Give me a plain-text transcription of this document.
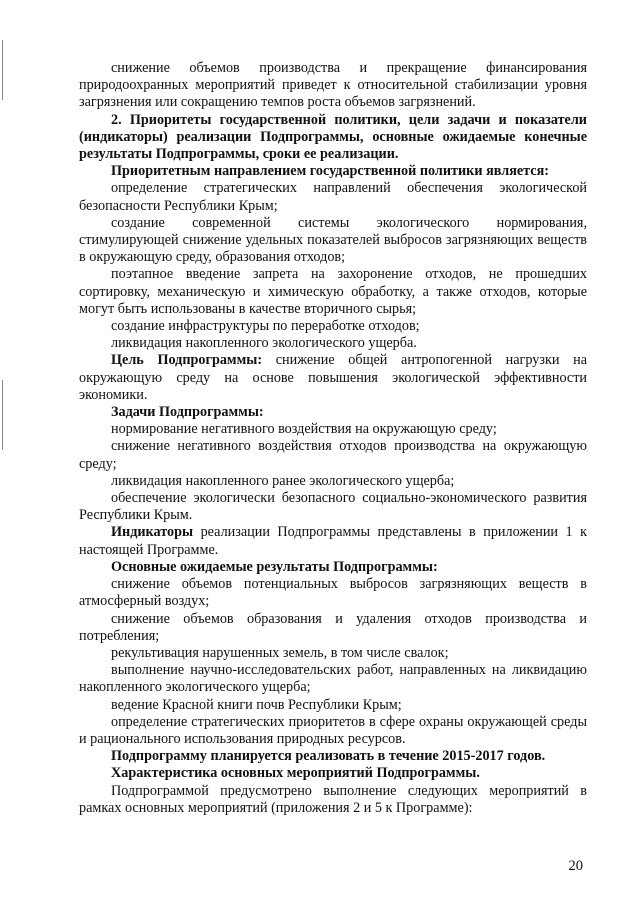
снижение объемов производства и прекращение финансирования природоохранных мероприятий приведет к относительной стабилизации уровня загрязнения или сокращению темпов роста объемов загрязнений.

2. Приоритеты государственной политики, цели задачи и показатели (индикаторы) реализации Подпрограммы, основные ожидаемые конечные результаты Подпрограммы, сроки ее реализации.

Приоритетным направлением государственной политики является:

определение стратегических направлений обеспечения экологической безопасности Республики Крым;

создание современной системы экологического нормирования, стимулирующей снижение удельных показателей выбросов загрязняющих веществ в окружающую среду, образования отходов;

поэтапное введение запрета на захоронение отходов, не прошедших сортировку, механическую и химическую обработку, а также отходов, которые могут быть использованы в качестве вторичного сырья;

создание инфраструктуры по переработке отходов;

ликвидация накопленного экологического ущерба.

Цель Подпрограммы: снижение общей антропогенной нагрузки на окружающую среду на основе повышения экологической эффективности экономики.

Задачи Подпрограммы:

нормирование негативного воздействия на окружающую среду;

снижение негативного воздействия отходов производства на окружающую среду;

ликвидация накопленного ранее экологического ущерба;

обеспечение экологически безопасного социально-экономического развития Республики Крым.

Индикаторы реализации Подпрограммы представлены в приложении 1 к настоящей Программе.

Основные ожидаемые результаты Подпрограммы:

снижение объемов потенциальных выбросов загрязняющих веществ в атмосферный воздух;

снижение объемов образования и удаления отходов производства и потребления;

рекультивация нарушенных земель, в том числе свалок;

выполнение научно-исследовательских работ, направленных на ликвидацию накопленного экологического ущерба;

ведение Красной книги почв Республики Крым;

определение стратегических приоритетов в сфере охраны окружающей среды и рационального использования природных ресурсов.

Подпрограмму планируется реализовать в течение 2015-2017 годов.

Характеристика основных мероприятий Подпрограммы.

Подпрограммой предусмотрено выполнение следующих мероприятий в рамках основных мероприятий (приложения 2 и 5 к Программе):

20
